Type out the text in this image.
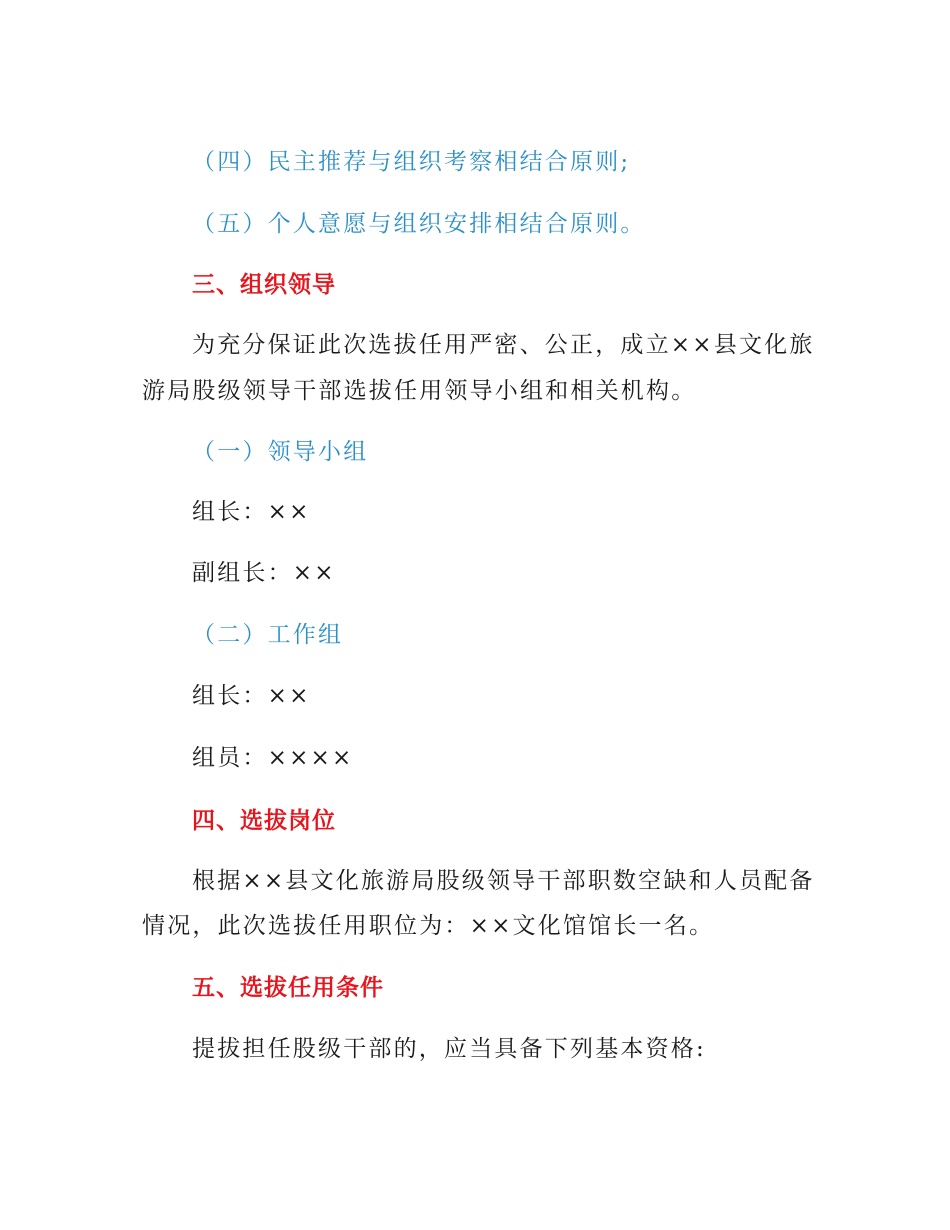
（四）民主推荐与组织考察相结合原则;
（五）个人意愿与组织安排相结合原则。
三、组织领导
为充分保证此次选拔任用严密、公正，成立××县文化旅
游局股级领导干部选拔任用领导小组和相关机构。
（一）领导小组
组长：××
副组长：××
（二）工作组
组长：××
组员：××××
四、选拔岗位
根据××县文化旅游局股级领导干部职数空缺和人员配备
情况，此次选拔任用职位为：××文化馆馆长一名。
五、选拔任用条件
提拔担任股级干部的，应当具备下列基本资格:
